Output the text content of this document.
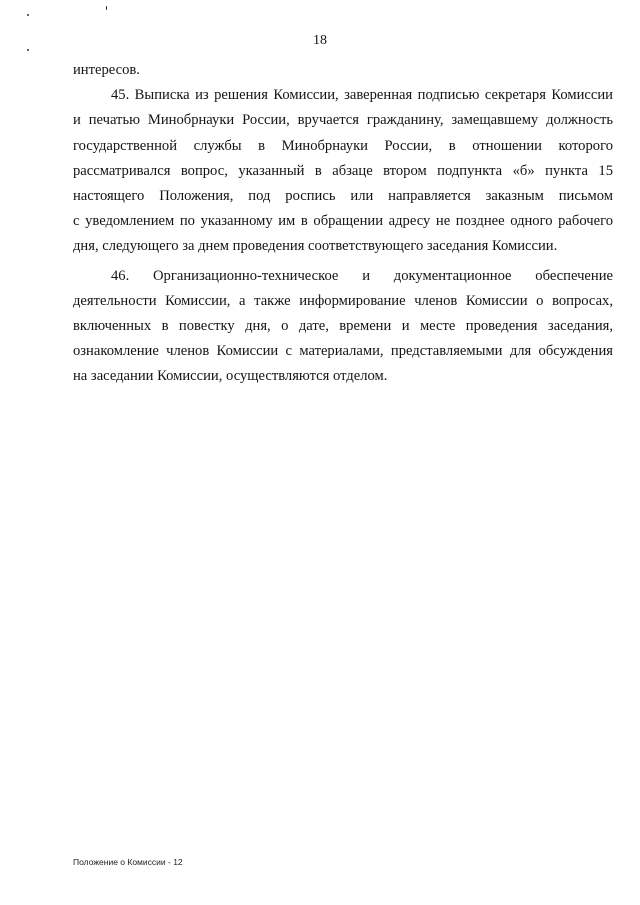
18
интересов.
45. Выписка из решения Комиссии, заверенная подписью секретаря Комиссии
и печатью Минобрнауки России, вручается гражданину, замещавшему должность
государственной службы в Минобрнауки России, в отношении которого
рассматривался вопрос, указанный в абзаце втором подпункта «б» пункта 15
настоящего Положения, под роспись или направляется заказным письмом
с уведомлением по указанному им в обращении адресу не позднее одного рабочего
дня, следующего за днем проведения соответствующего заседания Комиссии.
46. Организационно-техническое и документационное обеспечение
деятельности Комиссии, а также информирование членов Комиссии о вопросах,
включенных в повестку дня, о дате, времени и месте проведения заседания,
ознакомление членов Комиссии с материалами, представляемыми для обсуждения
на заседании Комиссии, осуществляются отделом.
Положение о Комиссии - 12
